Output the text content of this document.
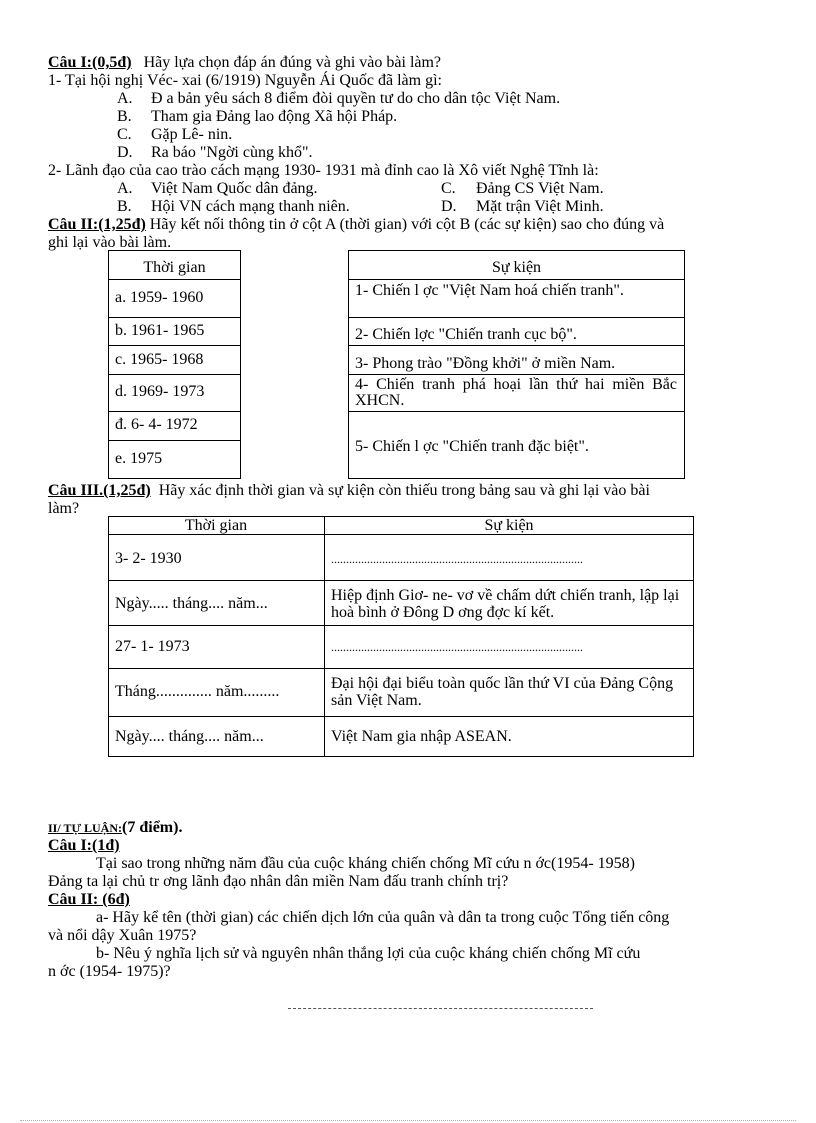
Câu I:(0,5đ) Hãy lựa chọn đáp án đúng và ghi vào bài làm?
1- Tại hội nghị Véc- xai (6/1919) Nguyễn Ái Quốc đã làm gì:
A. Đ a bản yêu sách 8 điểm đòi quyền tư do cho dân tộc Việt Nam.
B. Tham gia Đảng lao động Xã hội Pháp.
C. Gặp Lê- nin.
D. Ra báo "Ngời cùng khổ".
2- Lãnh đạo của cao trào cách mạng 1930- 1931 mà đỉnh cao là Xô viết Nghệ Tĩnh là:
A. Việt Nam Quốc dân đảng.	C. Đảng CS Việt Nam.
B. Hội VN cách mạng thanh niên.	D. Mặt trận Việt Minh.
Câu II:(1,25đ) Hãy kết nối thông tin ở cột A (thời gian) với cột B (các sự kiện) sao cho đúng và
ghi lại vào bài làm.
Thời gian
a. 1959- 1960
b. 1961- 1965
c. 1965- 1968
d. 1969- 1973
đ. 6- 4- 1972
e. 1975
Sự kiện
1- Chiến l ợc "Việt Nam hoá chiến tranh".
2- Chiến lợc "Chiến tranh cục bộ".
3- Phong trào "Đồng khởi" ở miền Nam.
4- Chiến tranh phá hoại lần thứ hai miền Bắc XHCN.
5- Chiến l ợc "Chiến tranh đặc biệt".
Câu III.(1,25đ) Hãy xác định thời gian và sự kiện còn thiếu trong bảng sau và ghi lại vào bài
làm?
Thời gian	Sự kiện
3- 2- 1930	....................................................................................
Ngày..... tháng.... năm...	Hiệp định Giơ- ne- vơ về chấm dứt chiến tranh, lập lại hoà bình ở Đông D ơng đợc kí kết.
27- 1- 1973	....................................................................................
Tháng.............. năm.........	Đại hội đại biểu toàn quốc lần thứ VI của Đảng Cộng sản Việt Nam.
Ngày.... tháng.... năm...	Việt Nam gia nhập ASEAN.
II/ TỰ LUẬN:(7 điểm).
Câu I:(1đ)
Tại sao trong những năm đầu của cuộc kháng chiến chống Mĩ cứu n ớc(1954- 1958)
Đảng ta lại chủ tr ơng lãnh đạo nhân dân miền Nam đấu tranh chính trị?
Câu II: (6đ)
a- Hãy kể tên (thời gian) các chiến dịch lớn của quân và dân ta trong cuộc Tổng tiến công
và nổi dậy Xuân 1975?
b- Nêu ý nghĩa lịch sử và nguyên nhân thắng lợi của cuộc kháng chiến chống Mĩ cứu
n ớc (1954- 1975)?
